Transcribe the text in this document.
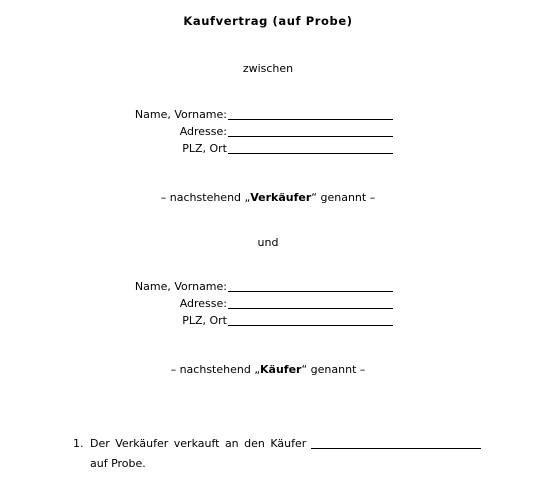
Kaufvertrag (auf Probe)
zwischen
Name, Vorname:
Adresse:
PLZ, Ort
– nachstehend „Verkäufer“ genannt –
und
Name, Vorname:
Adresse:
PLZ, Ort
– nachstehend „Käufer“ genannt –
1. Der Verkäufer verkauft an den Käufer
auf Probe.
